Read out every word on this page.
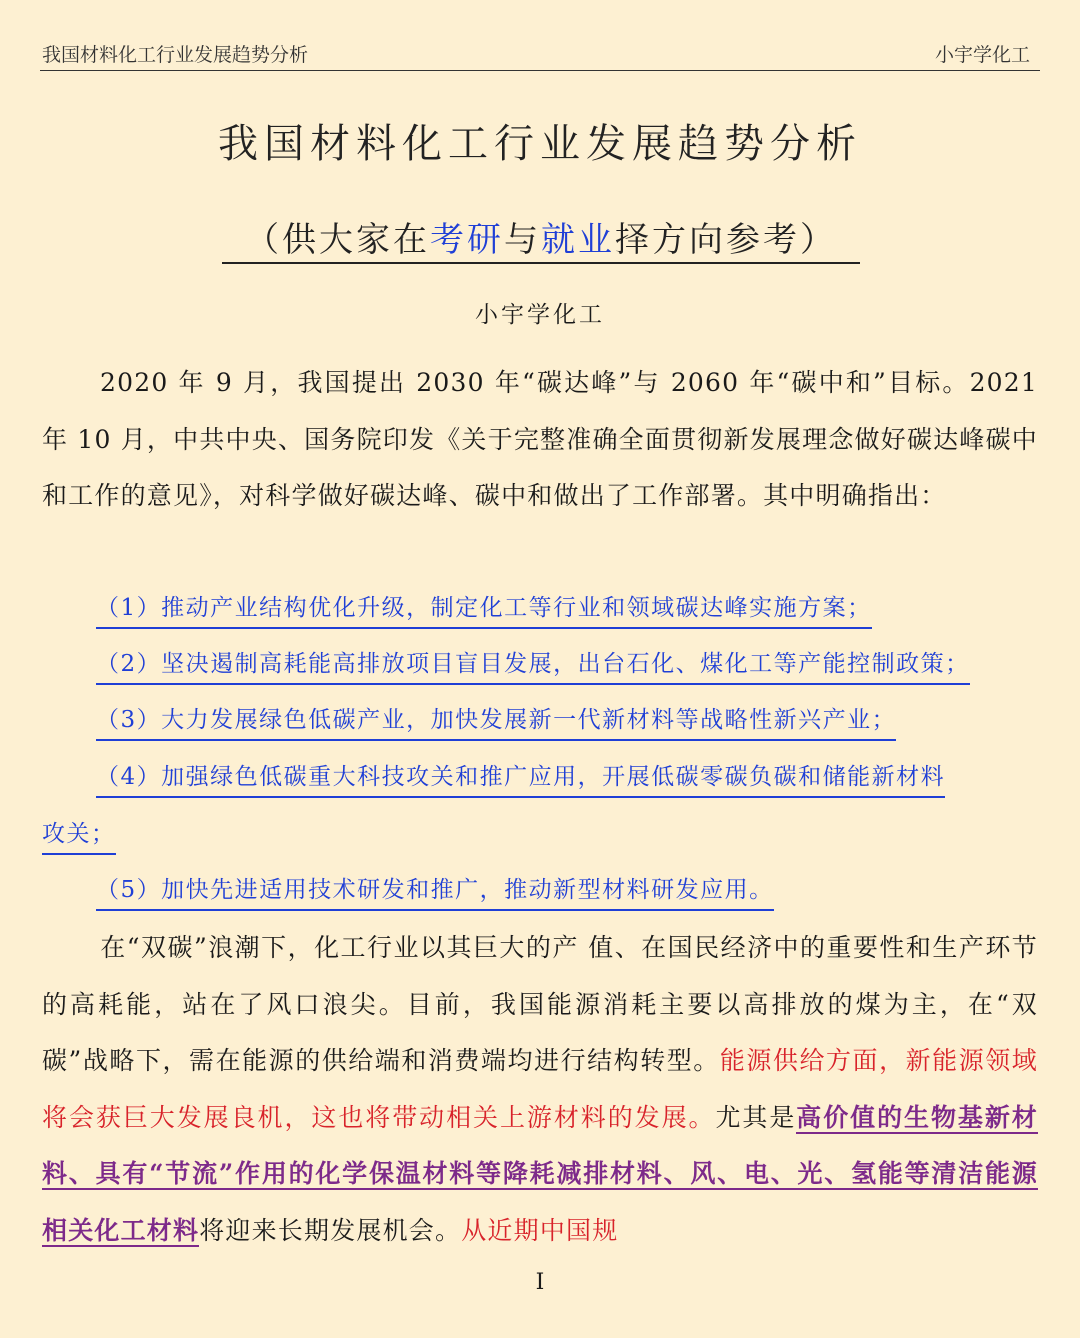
我国材料化工行业发展趋势分析	小宇学化工
我国材料化工行业发展趋势分析
（供大家在考研与就业择方向参考）
小宇学化工

2020 年 9 月，我国提出 2030 年“碳达峰”与 2060 年“碳中和”目标。2021 年 10 月，中共中央、国务院印发《关于完整准确全面贯彻新发展理念做好碳达峰碳中和工作的意见》，对科学做好碳达峰、碳中和做出了工作部署。其中明确指出：

（1）推动产业结构优化升级，制定化工等行业和领域碳达峰实施方案；
（2）坚决遏制高耗能高排放项目盲目发展，出台石化、煤化工等产能控制政策；
（3）大力发展绿色低碳产业，加快发展新一代新材料等战略性新兴产业；
（4）加强绿色低碳重大科技攻关和推广应用，开展低碳零碳负碳和储能新材料
攻关；
（5）加快先进适用技术研发和推广，推动新型材料研发应用。

在“双碳”浪潮下，化工行业以其巨大的产 值、在国民经济中的重要性和生产环节的高耗能，站在了风口浪尖。目前，我国能源消耗主要以高排放的煤为主，在“双碳”战略下，需在能源的供给端和消费端均进行结构转型。能源供给方面，新能源领域将会获巨大发展良机，这也将带动相关上游材料的发展。尤其是高价值的生物基新材料、具有“节流”作用的化学保温材料等降耗减排材料、风、电、光、氢能等清洁能源相关化工材料将迎来长期发展机会。从近期中国规

I
